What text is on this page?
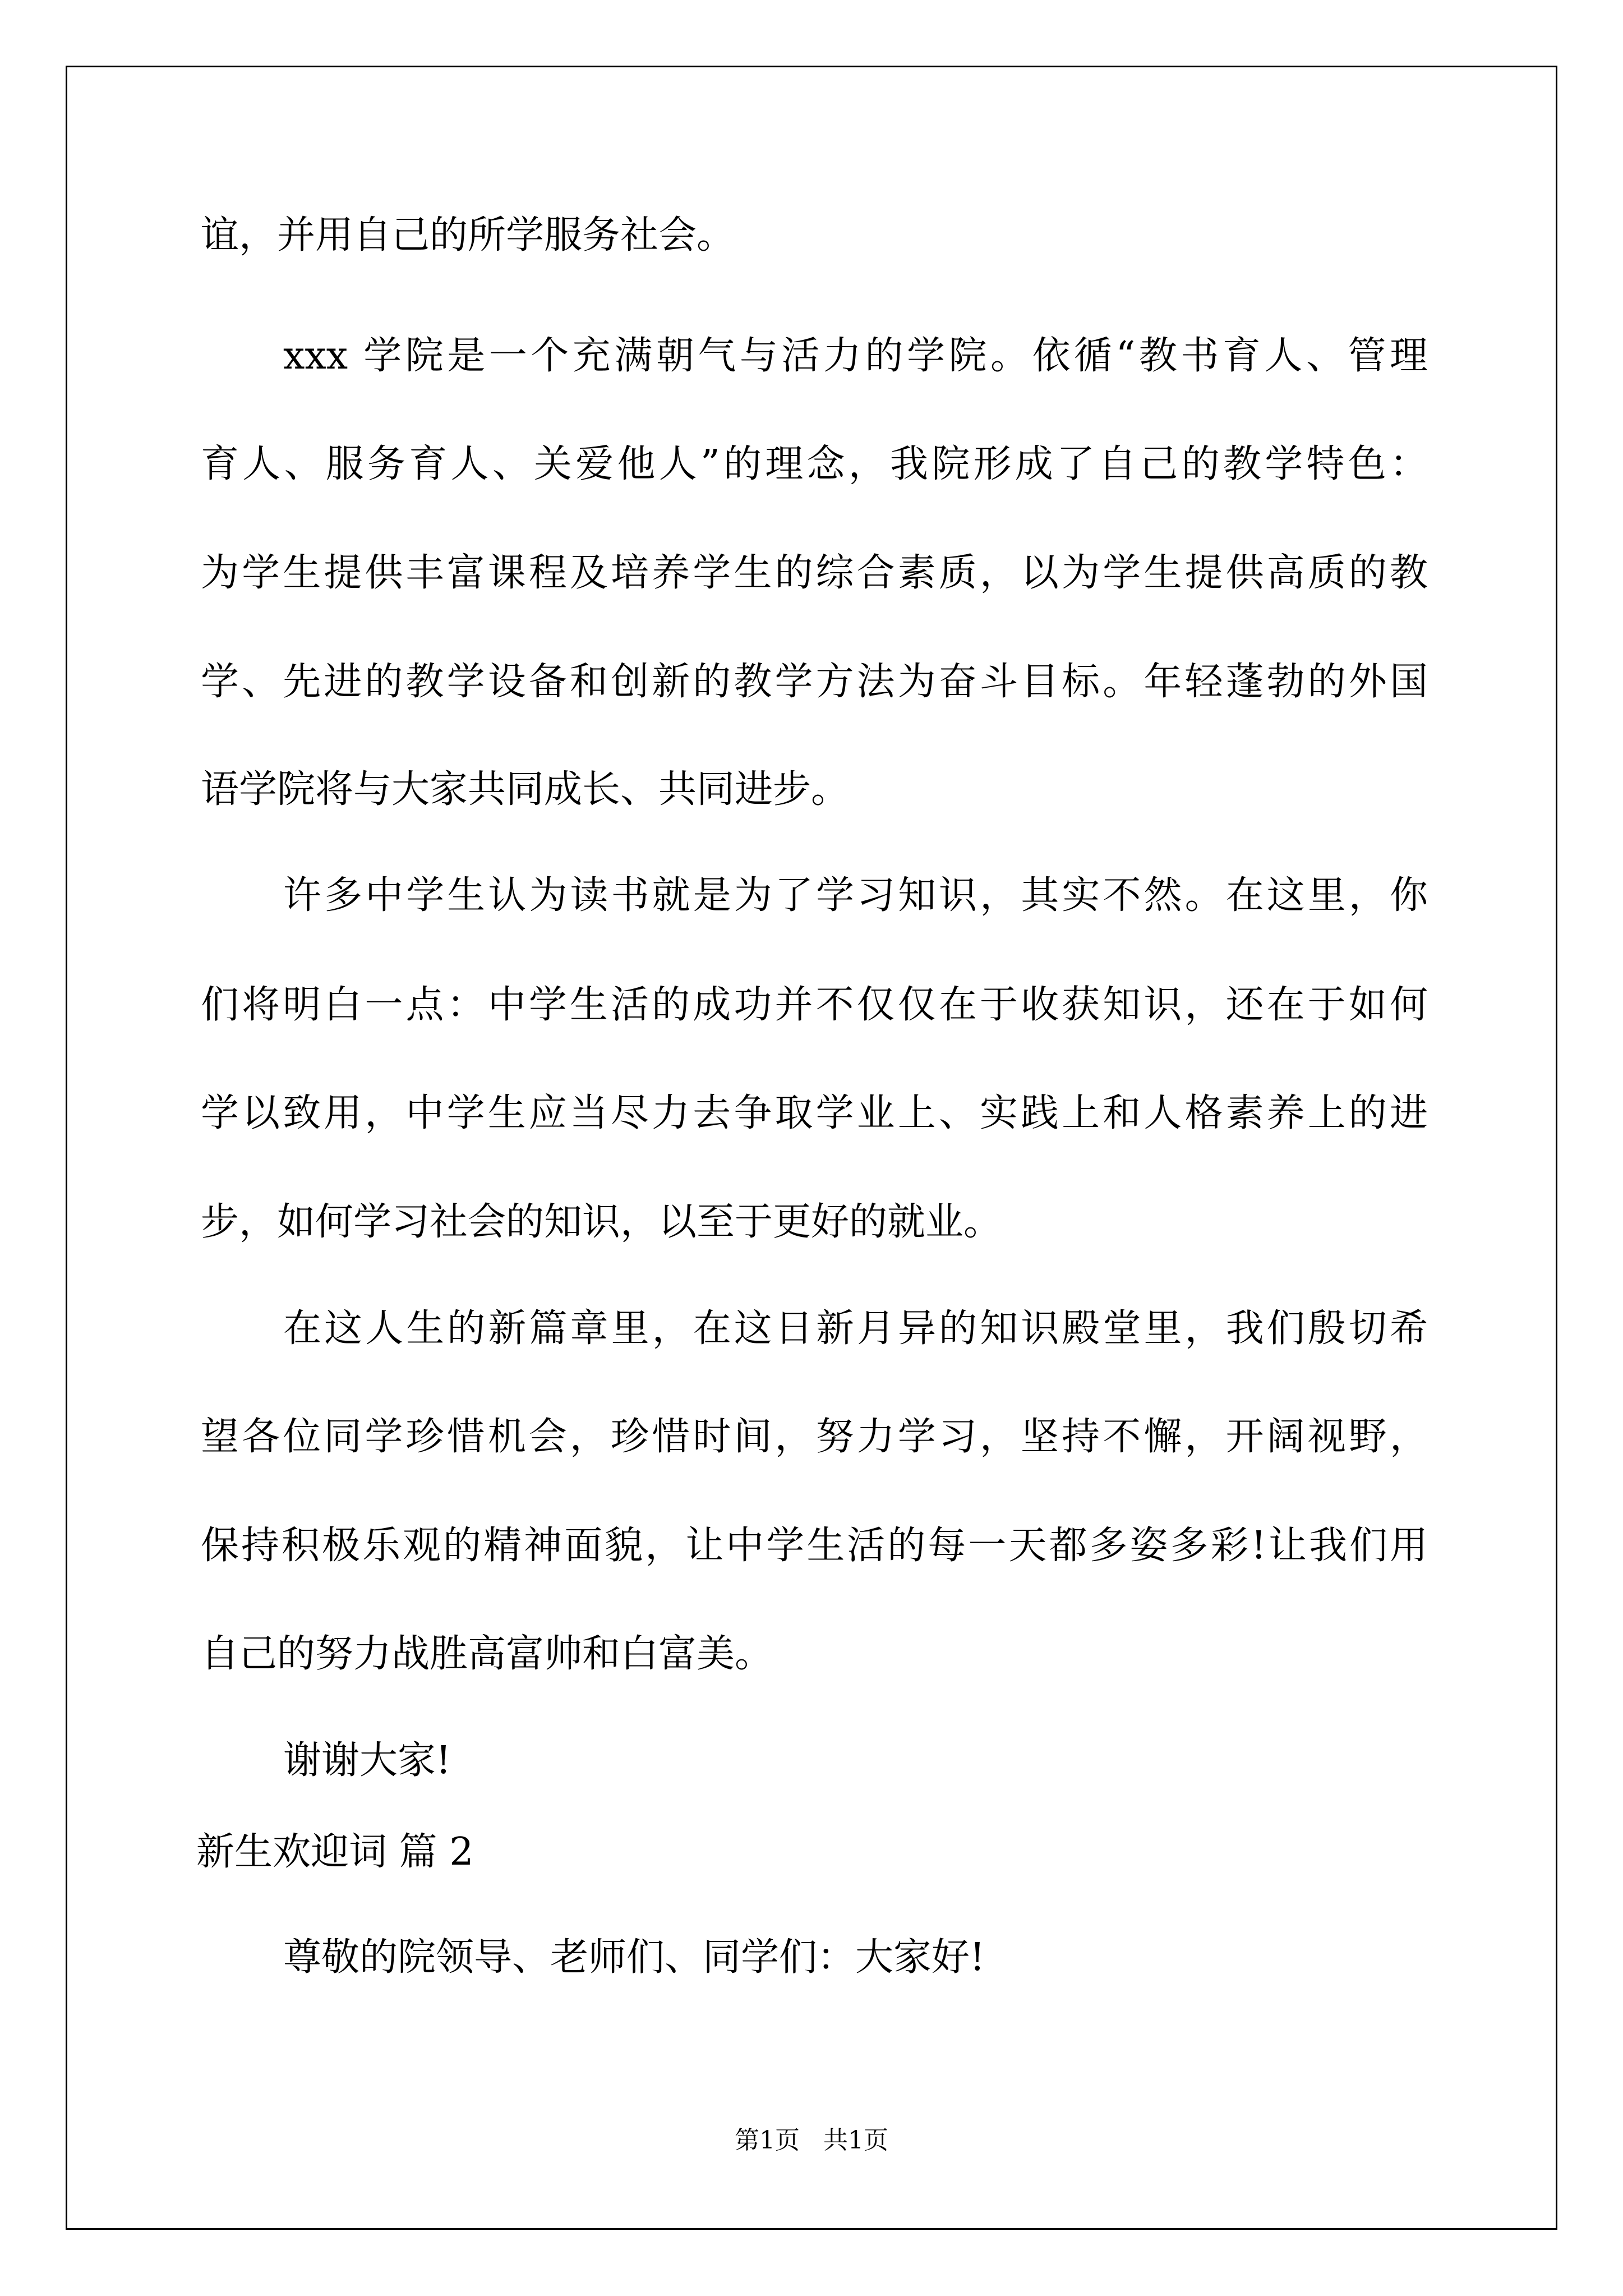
谊，并用自己的所学服务社会。
xxx 学院是一个充满朝气与活力的学院。依循“教书育人、管理
育人、服务育人、关爱他人”的理念，我院形成了自己的教学特色：
为学生提供丰富课程及培养学生的综合素质，以为学生提供高质的教
学、先进的教学设备和创新的教学方法为奋斗目标。年轻蓬勃的外国
语学院将与大家共同成长、共同进步。
许多中学生认为读书就是为了学习知识，其实不然。在这里，你
们将明白一点：中学生活的成功并不仅仅在于收获知识，还在于如何
学以致用，中学生应当尽力去争取学业上、实践上和人格素养上的进
步，如何学习社会的知识，以至于更好的就业。
在这人生的新篇章里，在这日新月异的知识殿堂里，我们殷切希
望各位同学珍惜机会，珍惜时间，努力学习，坚持不懈，开阔视野，
保持积极乐观的精神面貌，让中学生活的每一天都多姿多彩!让我们用
自己的努力战胜高富帅和白富美。
谢谢大家!
新生欢迎词 篇 2
尊敬的院领导、老师们、同学们：大家好!
第1页   共1页
